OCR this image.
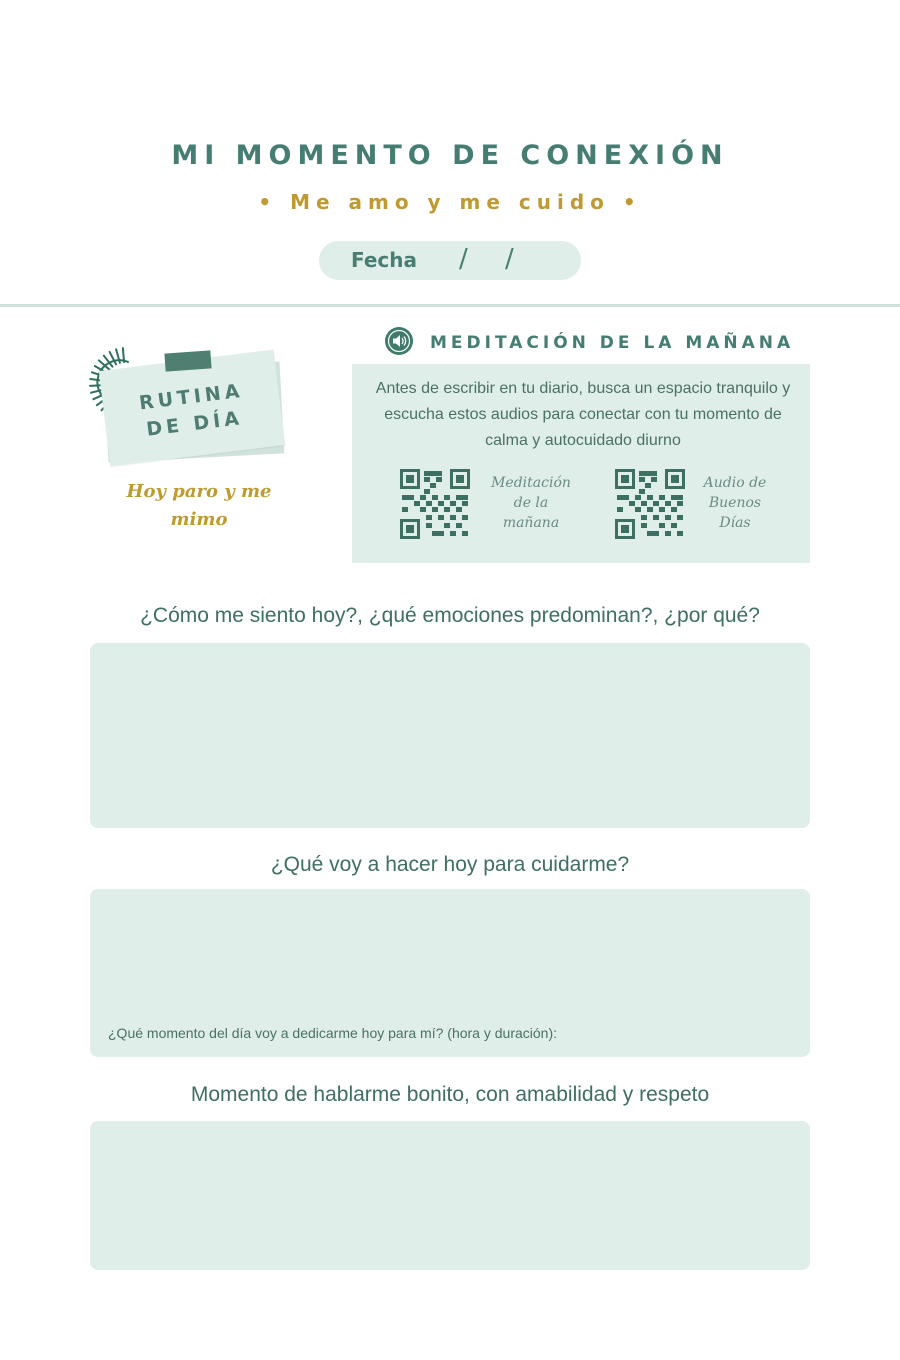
MI MOMENTO DE CONEXIÓN
• Me amo y me cuido •
Fecha / /
RUTINA
DE DÍA
Hoy paro y me
mimo
MEDITACIÓN DE LA MAÑANA
Antes de escribir en tu diario, busca un espacio tranquilo y escucha estos audios para conectar con tu momento de calma y autocuidado diurno
Meditación
de la
mañana
Audio de
Buenos
Días
¿Cómo me siento hoy?, ¿qué emociones predominan?, ¿por qué?
¿Qué voy a hacer hoy para cuidarme?
¿Qué momento del día voy a dedicarme hoy para mí? (hora y duración):
Momento de hablarme bonito, con amabilidad y respeto
